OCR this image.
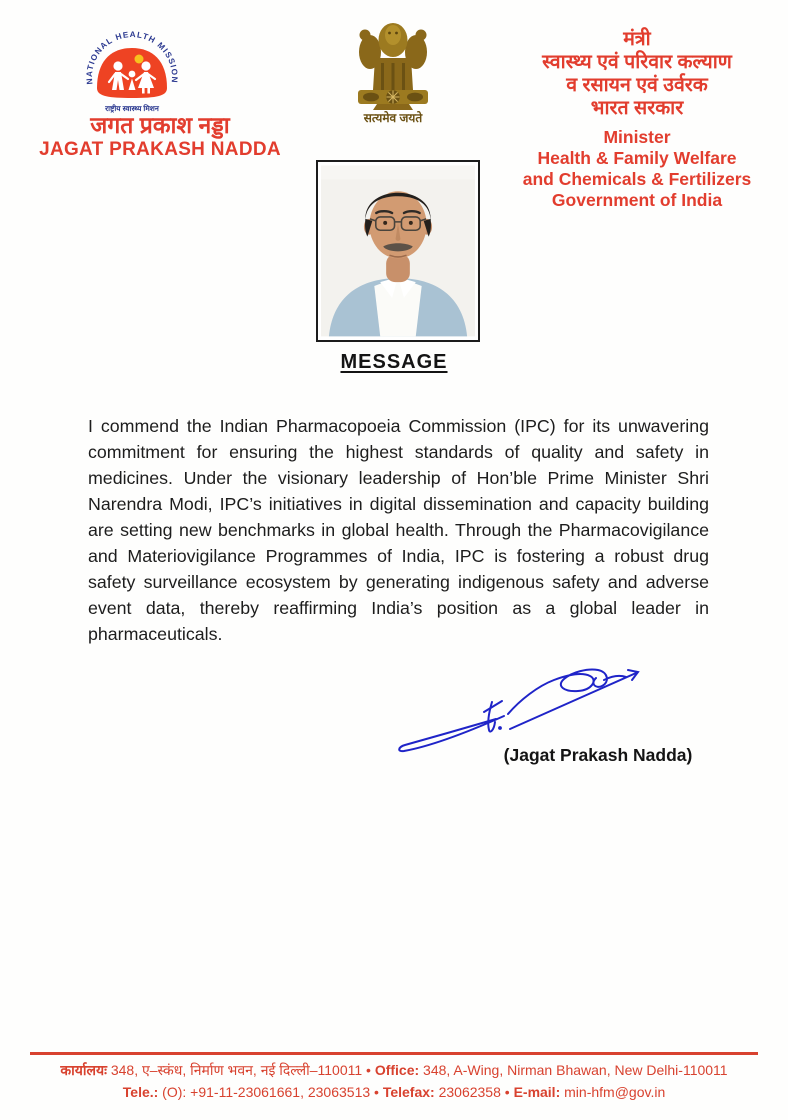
NATIONAL HEALTH MISSION
राष्ट्रीय स्वास्थ्य मिशन
जगत प्रकाश नड्डा
JAGAT PRAKASH NADDA
सत्यमेव जयते
मंत्री
स्वास्थ्य एवं परिवार कल्याण
व रसायन एवं उर्वरक
भारत सरकार
Minister
Health & Family Welfare
and Chemicals & Fertilizers
Government of India
MESSAGE
I commend the Indian Pharmacopoeia Commission (IPC) for its unwavering commitment for ensuring the highest standards of quality and safety in medicines. Under the visionary leadership of Hon’ble Prime Minister Shri Narendra Modi, IPC’s initiatives in digital dissemination and capacity building are setting new benchmarks in global health. Through the Pharmacovigilance and Materiovigilance Programmes of India, IPC is fostering a robust drug safety surveillance ecosystem by generating indigenous safety and adverse event data, thereby reaffirming India’s position as a global leader in pharmaceuticals.
(Jagat Prakash Nadda)
कार्यालयः 348, ए–स्कंध, निर्माण भवन, नई दिल्ली–110011 • Office: 348, A-Wing, Nirman Bhawan, New Delhi-110011
Tele.: (O): +91-11-23061661, 23063513 • Telefax: 23062358 • E-mail: min-hfm@gov.in
